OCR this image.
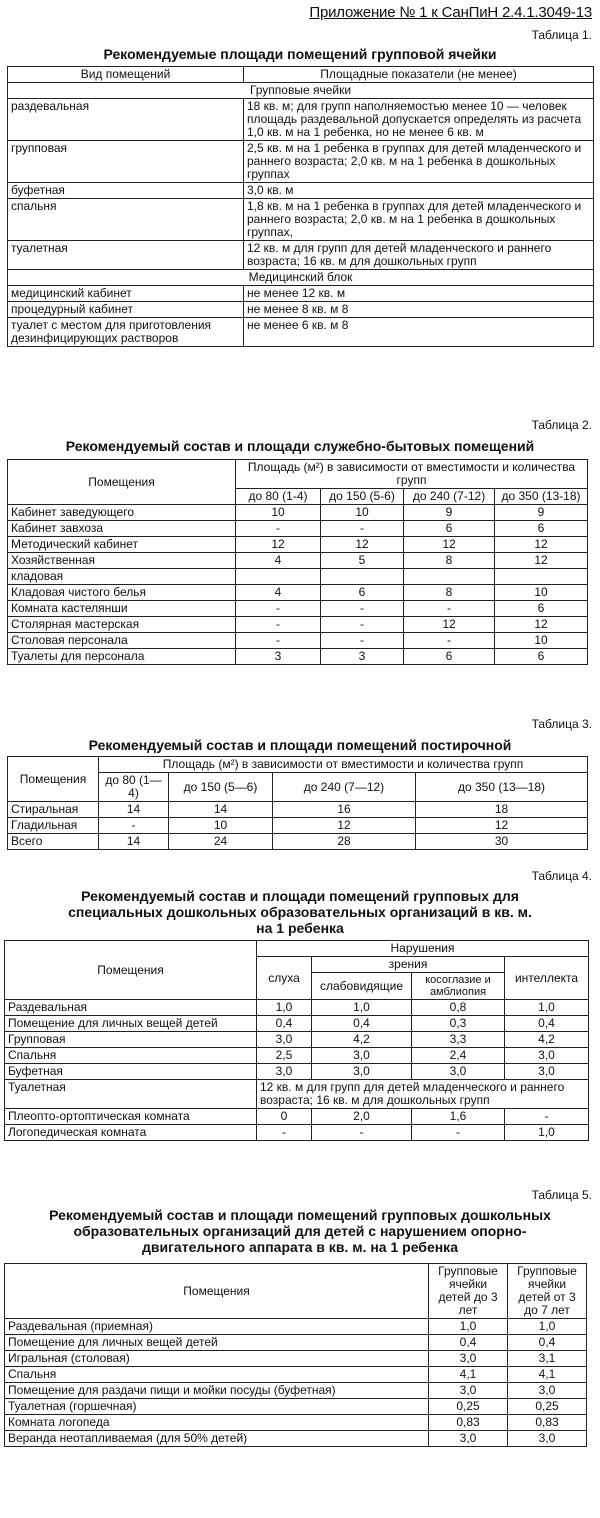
Приложение № 1 к СанПиН 2.4.1.3049-13
Таблица 1.
Рекомендуемые площади помещений групповой ячейки
Вид помещений	Площадные показатели (не менее)
Групповые ячейки	
раздевальная	18 кв. м; для групп наполняемостью менее 10 — человек площадь раздевальной допускается определять из расчета 1,0 кв. м на 1 ребенка, но не менее 6 кв. м
групповая	2,5 кв. м на 1 ребенка в группах для детей младенческого и раннего возраста; 2,0 кв. м на 1 ребенка в дошкольных группах
буфетная	3,0 кв. м
спальня	1,8 кв. м на 1 ребенка в группах для детей младенческого и раннего возраста; 2,0 кв. м на 1 ребенка в дошкольных группах,
туалетная	12 кв. м для групп для детей младенческого и раннего возраста; 16 кв. м для дошкольных групп
Медицинский блок	
медицинский кабинет	не менее 12 кв. м
процедурный кабинет	не менее 8 кв. м 8
туалет с местом для приготовления дезинфицирующих растворов	не менее 6 кв. м 8
Таблица 2.
Рекомендуемый состав и площади служебно-бытовых помещений
Помещения	Площадь (м²) в зависимости от вместимости и количества групп			
	до 80 (1-4)	до 150 (5-6)	до 240 (7-12)	до 350 (13-18)
Кабинет заведующего	10	10	9	9
Кабинет завхоза	-	-	6	6
Методический кабинет	12	12	12	12
Хозяйственная	4	5	8	12
кладовая				
Кладовая чистого белья	4	6	8	10
Комната кастелянши	-	-	-	6
Столярная мастерская	-	-	12	12
Столовая персонала	-	-	-	10
Туалеты для персонала	3	3	6	6
Таблица 3.
Рекомендуемый состав и площади помещений постирочной
Помещения	Площадь (м²) в зависимости от вместимости и количества групп			
	до 80 (1—4)	до 150 (5—6)	до 240 (7—12)	до 350 (13—18)
Стиральная	14	14	16	18
Гладильная	-	10	12	12
Всего	14	24	28	30
Таблица 4.
Рекомендуемый состав и площади помещений групповых для специальных дошкольных образовательных организаций в кв. м. на 1 ребенка
Помещения	Нарушения			
	слуха	зрения		интеллекта
		слабовидящие	косоглазие и амблиопия	
Раздевальная	1,0	1,0	0,8	1,0
Помещение для личных вещей детей	0,4	0,4	0,3	0,4
Групповая	3,0	4,2	3,3	4,2
Спальня	2,5	3,0	2,4	3,0
Буфетная	3,0	3,0	3,0	3,0
Туалетная	12 кв. м для групп для детей младенческого и раннего возраста; 16 кв. м для дошкольных групп			
Плеопто-ортоптическая комната	0	2,0	1,6	-
Логопедическая комната	-	-	-	1,0
Таблица 5.
Рекомендуемый состав и площади помещений групповых дошкольных образовательных организаций для детей с нарушением опорно-двигательного аппарата в кв. м. на 1 ребенка
Помещения	Групповые ячейки детей до 3 лет	Групповые ячейки детей от 3 до 7 лет
Раздевальная (приемная)	1,0	1,0
Помещение для личных вещей детей	0,4	0,4
Игральная (столовая)	3,0	3,1
Спальня	4,1	4,1
Помещение для раздачи пищи и мойки посуды (буфетная)	3,0	3,0
Туалетная (горшечная)	0,25	0,25
Комната логопеда	0,83	0,83
Веранда неотапливаемая (для 50% детей)	3,0	3,0
